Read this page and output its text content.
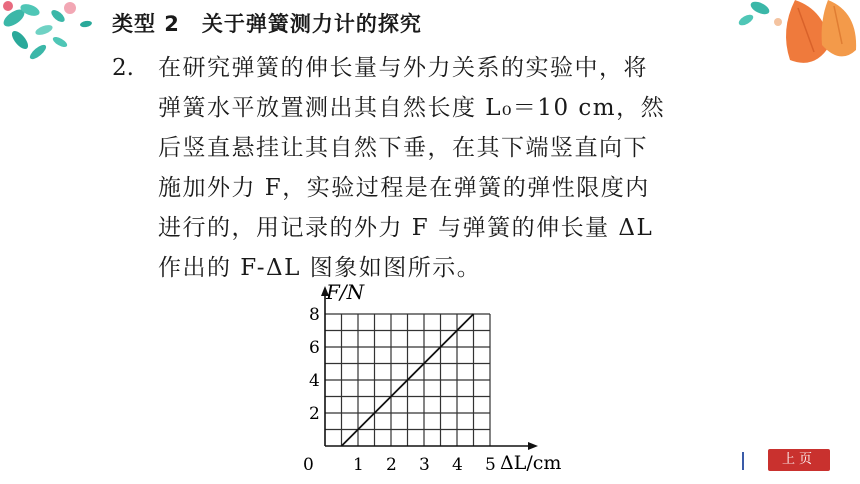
类型 2　关于弹簧测力计的探究
2. 在研究弹簧的伸长量与外力关系的实验中，将
弹簧水平放置测出其自然长度 L₀＝10 cm，然
后竖直悬挂让其自然下垂，在其下端竖直向下
施加外力 F，实验过程是在弹簧的弹性限度内
进行的，用记录的外力 F 与弹簧的伸长量 ΔL
作出的 F-ΔL 图象如图所示。
0 1 2 3 4 5
2
4
6
8
F/N
ΔL/cm	上页
